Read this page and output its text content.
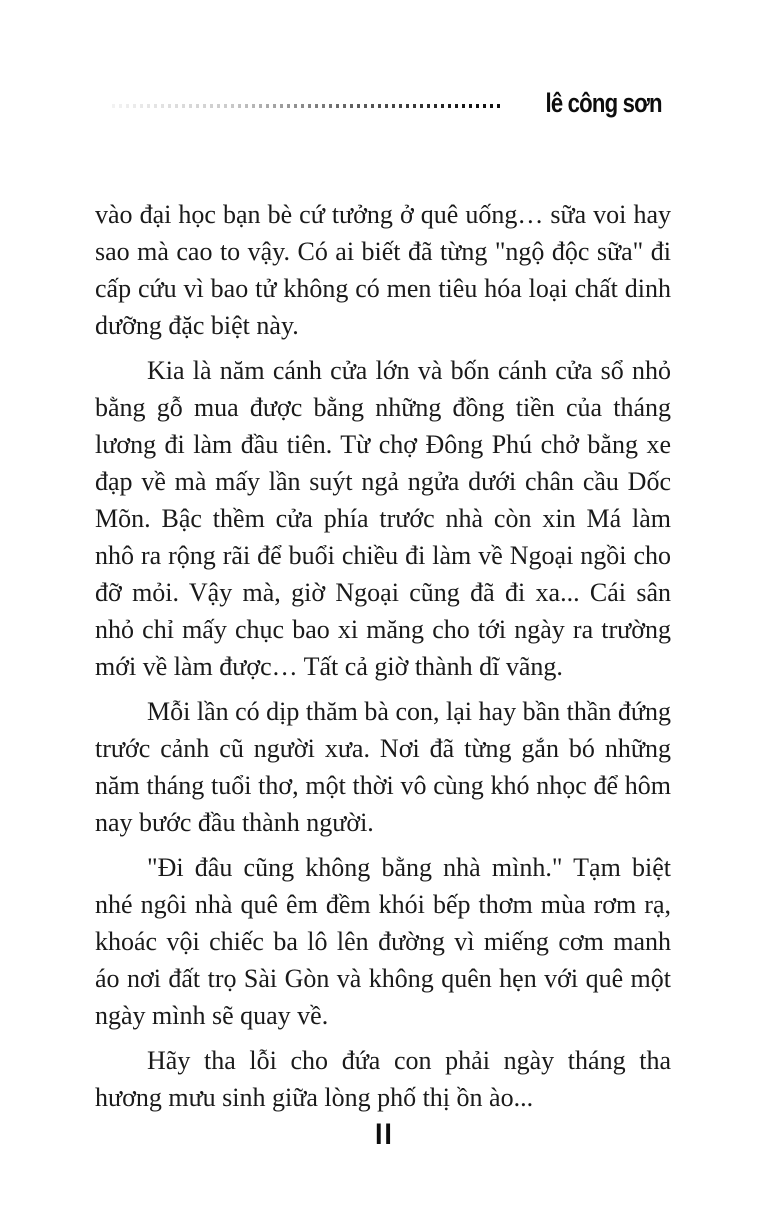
lê công sơn

vào đại học bạn bè cứ tưởng ở quê uống… sữa voi hay sao mà cao to vậy. Có ai biết đã từng "ngộ độc sữa" đi cấp cứu vì bao tử không có men tiêu hóa loại chất dinh dưỡng đặc biệt này.

Kia là năm cánh cửa lớn và bốn cánh cửa sổ nhỏ bằng gỗ mua được bằng những đồng tiền của tháng lương đi làm đầu tiên. Từ chợ Đông Phú chở bằng xe đạp về mà mấy lần suýt ngả ngửa dưới chân cầu Dốc Mõn. Bậc thềm cửa phía trước nhà còn xin Má làm nhô ra rộng rãi để buổi chiều đi làm về Ngoại ngồi cho đỡ mỏi. Vậy mà, giờ Ngoại cũng đã đi xa... Cái sân nhỏ chỉ mấy chục bao xi măng cho tới ngày ra trường mới về làm được… Tất cả giờ thành dĩ vãng.

Mỗi lần có dịp thăm bà con, lại hay bần thần đứng trước cảnh cũ người xưa. Nơi đã từng gắn bó những năm tháng tuổi thơ, một thời vô cùng khó nhọc để hôm nay bước đầu thành người.

"Đi đâu cũng không bằng nhà mình." Tạm biệt nhé ngôi nhà quê êm đềm khói bếp thơm mùa rơm rạ, khoác vội chiếc ba lô lên đường vì miếng cơm manh áo nơi đất trọ Sài Gòn và không quên hẹn với quê một ngày mình sẽ quay về.

Hãy tha lỗi cho đứa con phải ngày tháng tha hương mưu sinh giữa lòng phố thị ồn ào...

II
